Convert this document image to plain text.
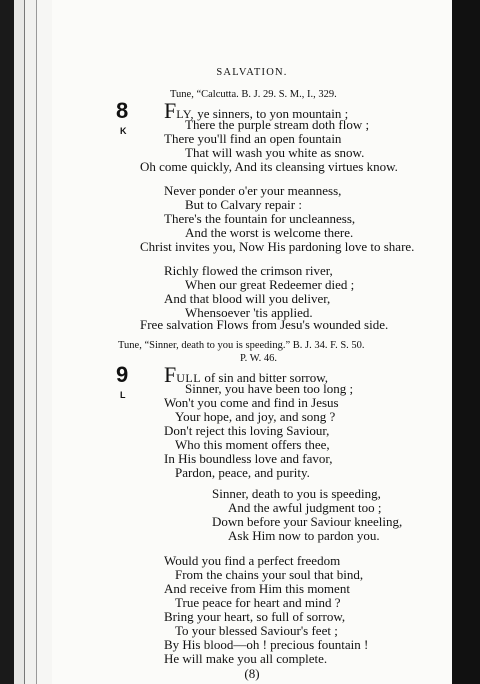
SALVATION.
Tune, “Calcutta. B. J. 29. S. M., I., 329.
8
K
FLY, ye sinners, to yon mountain ;
There the purple stream doth flow ;
There you'll find an open fountain
That will wash you white as snow.
Oh come quickly, And its cleansing virtues know.
Never ponder o'er your meanness,
But to Calvary repair :
There's the fountain for uncleanness,
And the worst is welcome there.
Christ invites you, Now His pardoning love to share.
Richly flowed the crimson river,
When our great Redeemer died ;
And that blood will you deliver,
Whensoever 'tis applied.
Free salvation Flows from Jesu's wounded side.
Tune, “Sinner, death to you is speeding.” B. J. 34. F. S. 50.
P. W. 46.
9
L
FULL of sin and bitter sorrow,
Sinner, you have been too long ;
Won't you come and find in Jesus
Your hope, and joy, and song ?
Don't reject this loving Saviour,
Who this moment offers thee,
In His boundless love and favor,
Pardon, peace, and purity.
Sinner, death to you is speeding,
And the awful judgment too ;
Down before your Saviour kneeling,
Ask Him now to pardon you.
Would you find a perfect freedom
From the chains your soul that bind,
And receive from Him this moment
True peace for heart and mind ?
Bring your heart, so full of sorrow,
To your blessed Saviour's feet ;
By His blood—oh ! precious fountain !
He will make you all complete.
(8)
